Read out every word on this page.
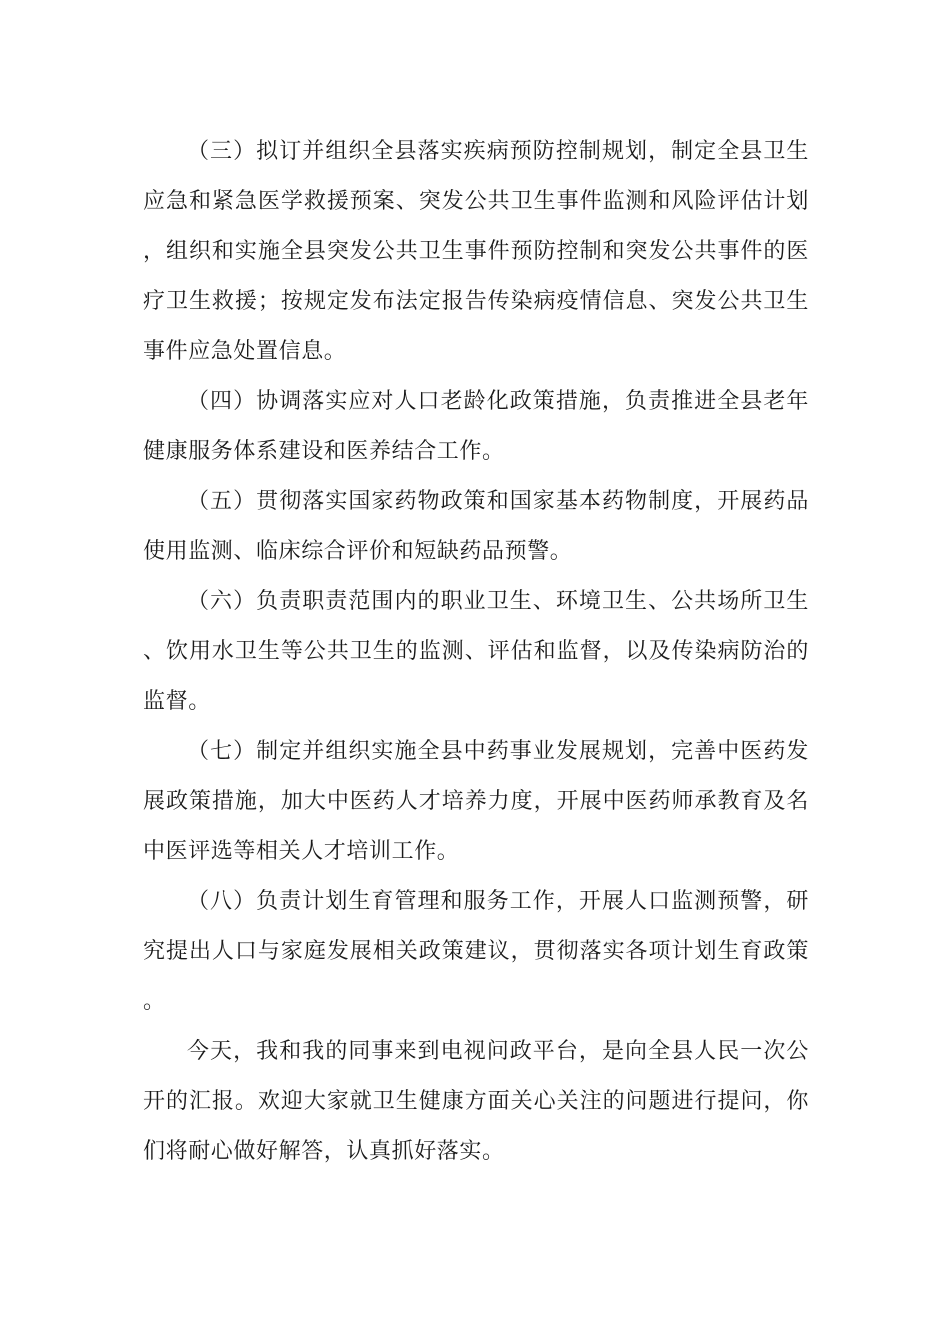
（三）拟订并组织全县落实疾病预防控制规划，制定全县卫生应急和紧急医学救援预案、突发公共卫生事件监测和风险评估计划，组织和实施全县突发公共卫生事件预防控制和突发公共事件的医疗卫生救援；按规定发布法定报告传染病疫情信息、突发公共卫生事件应急处置信息。

（四）协调落实应对人口老龄化政策措施，负责推进全县老年健康服务体系建设和医养结合工作。

（五）贯彻落实国家药物政策和国家基本药物制度，开展药品使用监测、临床综合评价和短缺药品预警。

（六）负责职责范围内的职业卫生、环境卫生、公共场所卫生、饮用水卫生等公共卫生的监测、评估和监督，以及传染病防治的监督。

（七）制定并组织实施全县中药事业发展规划，完善中医药发展政策措施，加大中医药人才培养力度，开展中医药师承教育及名中医评选等相关人才培训工作。

（八）负责计划生育管理和服务工作，开展人口监测预警，研究提出人口与家庭发展相关政策建议，贯彻落实各项计划生育政策。

今天，我和我的同事来到电视问政平台，是向全县人民一次公开的汇报。欢迎大家就卫生健康方面关心关注的问题进行提问，你们将耐心做好解答，认真抓好落实。
